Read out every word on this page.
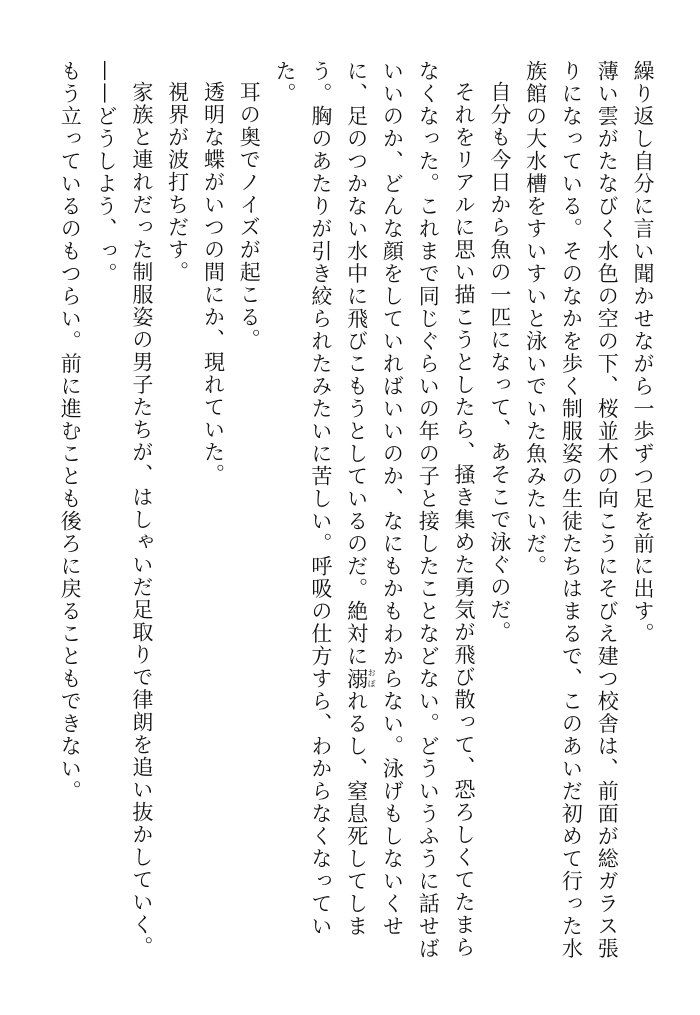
繰り返し自分に言い聞かせながら一歩ずつ足を前に出す。

薄い雲がたなびく水色の空の下、桜並木の向こうにそびえ建つ校舎は、前面が総ガラス張りになっている。そのなかを歩く制服姿の生徒たちはまるで、このあいだ初めて行った水族館の大水槽をすいすいと泳いでいた魚みたいだ。

自分も今日から魚の一匹になって、あそこで泳ぐのだ。

それをリアルに思い描こうとしたら、掻き集めた勇気が飛び散って、恐ろしくてたまらなくなった。これまで同じぐらいの年の子と接したことなどない。どういうふうに話せばいいのか、どんな顔をしていればいいのか、なにもかもわからない。泳げもしないくせに、足のつかない水中に飛びこもうとしているのだ。絶対に溺おぼれるし、窒息死してしまう。胸のあたりが引き絞られたみたいに苦しい。呼吸の仕方すら、わからなくなっていた。

耳の奥でノイズが起こる。

透明な蝶がいつの間にか、現れていた。

視界が波打ちだす。

家族と連れだった制服姿の男子たちが、はしゃいだ足取りで律朗を追い抜かしていく。

——どうしよう、っ。

もう立っているのもつらい。前に進むことも後ろに戻ることもできない。
